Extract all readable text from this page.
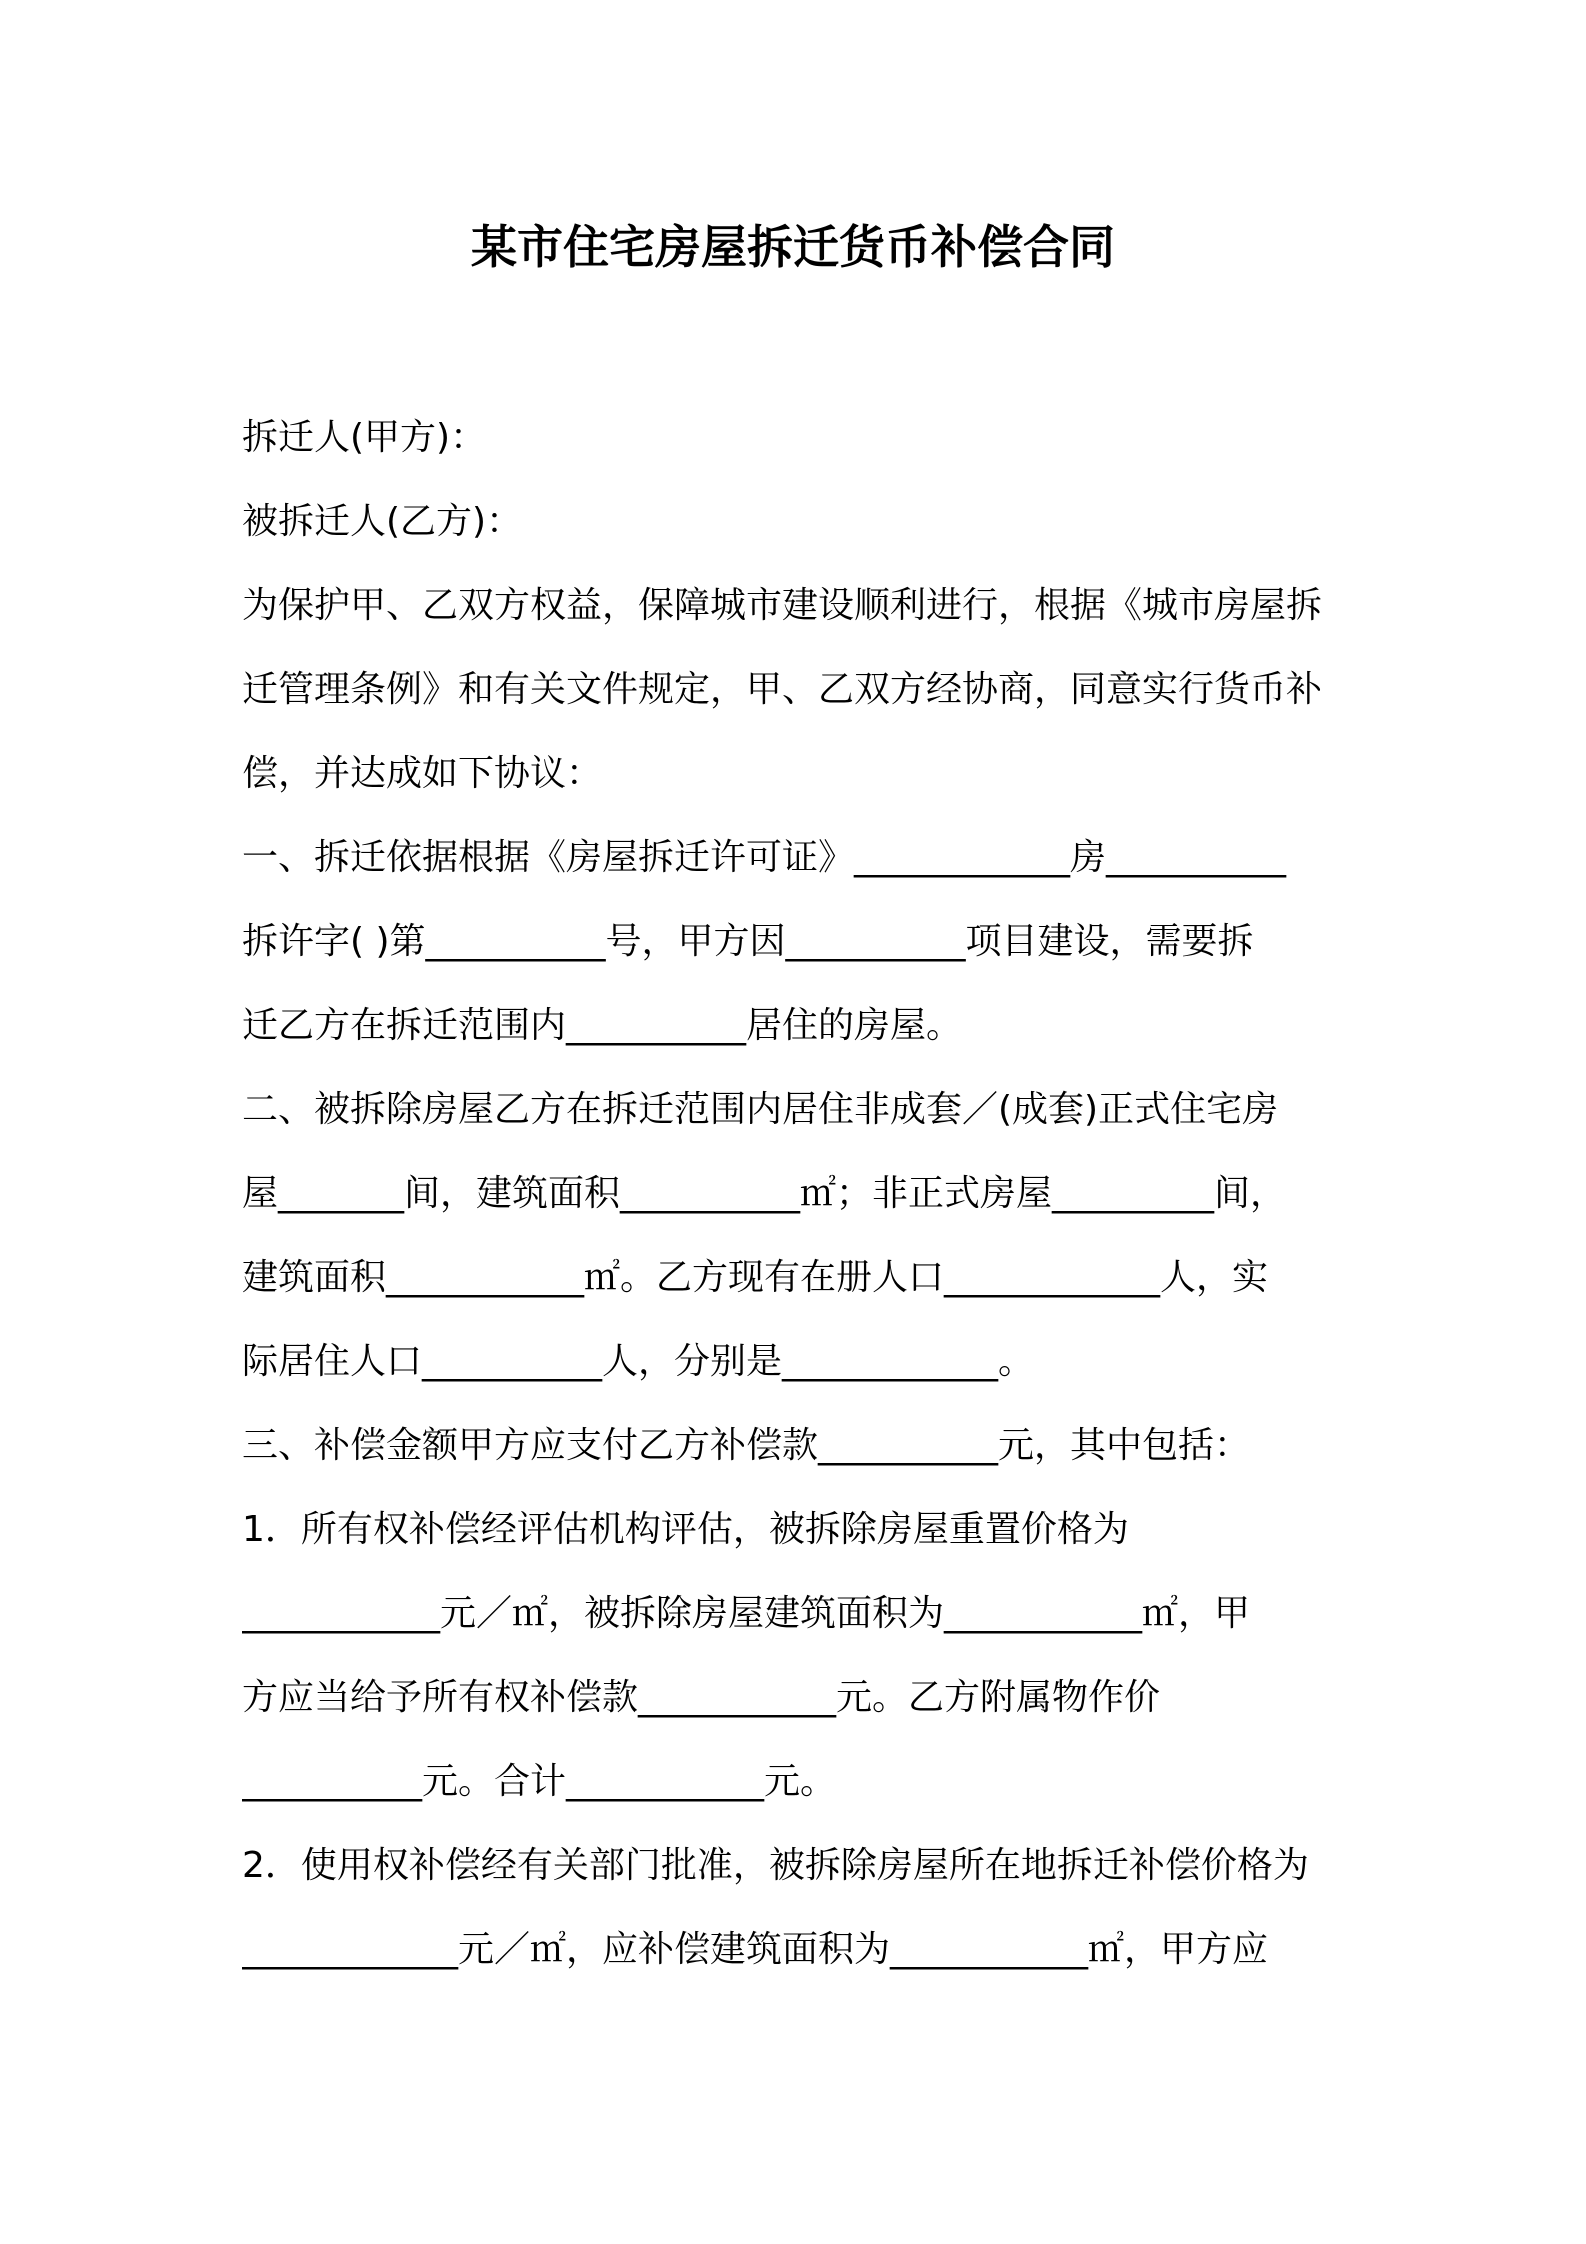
某市住宅房屋拆迁货币补偿合同
拆迁人(甲方)：
被拆迁人(乙方)：
为保护甲、乙双方权益，保障城市建设顺利进行，根据《城市房屋拆
迁管理条例》和有关文件规定，甲、乙双方经协商，同意实行货币补
偿，并达成如下协议：
一、拆迁依据根据《房屋拆迁许可证》____________房__________
拆许字( )第__________号，甲方因__________项目建设，需要拆
迁乙方在拆迁范围内__________居住的房屋。
二、被拆除房屋乙方在拆迁范围内居住非成套／(成套)正式住宅房
屋_______间，建筑面积__________㎡；非正式房屋_________间，
建筑面积___________㎡。乙方现有在册人口____________人，实
际居住人口__________人，分别是____________。
三、补偿金额甲方应支付乙方补偿款__________元，其中包括：
1．所有权补偿经评估机构评估，被拆除房屋重置价格为
___________元／㎡，被拆除房屋建筑面积为___________㎡，甲
方应当给予所有权补偿款___________元。乙方附属物作价
__________元。合计___________元。
2．使用权补偿经有关部门批准，被拆除房屋所在地拆迁补偿价格为
____________元／㎡，应补偿建筑面积为___________㎡，甲方应
